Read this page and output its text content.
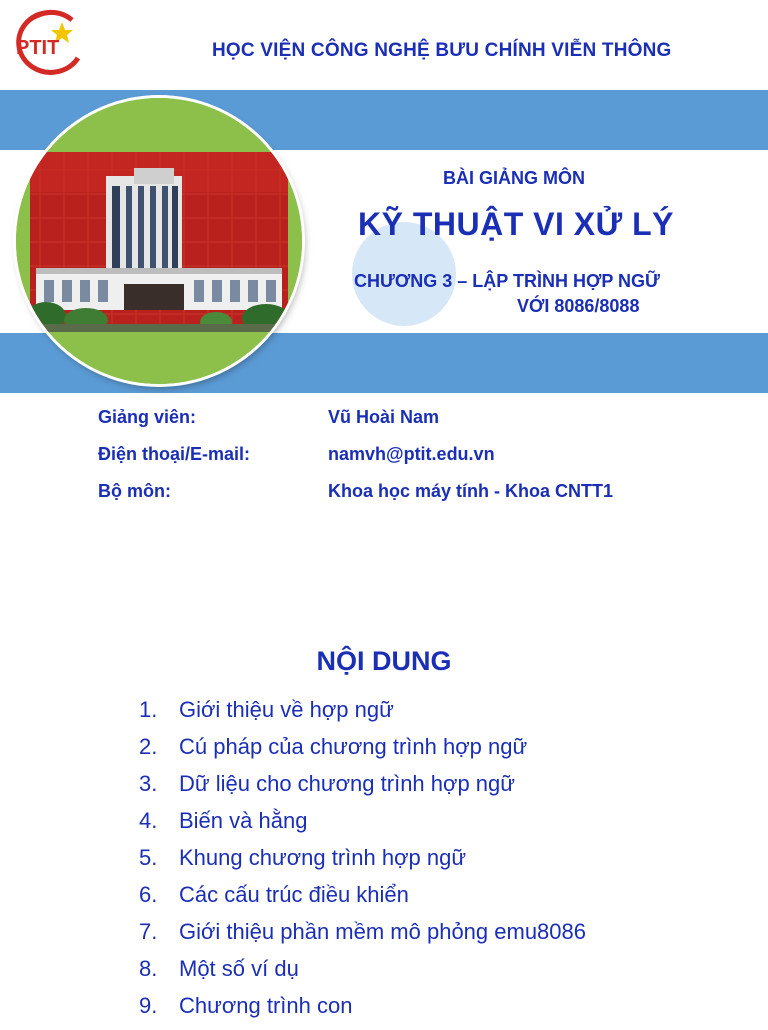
PTIT	HỌC VIỆN CÔNG NGHỆ BƯU CHÍNH VIỄN THÔNG
BÀI GIẢNG MÔN
KỸ THUẬT VI XỬ LÝ
CHƯƠNG 3 – LẬP TRÌNH HỢP NGỮ
VỚI 8086/8088
Giảng viên:	Vũ Hoài Nam
Điện thoại/E-mail:	namvh@ptit.edu.vn
Bộ môn:	Khoa học máy tính - Khoa CNTT1
NỘI DUNG
1. Giới thiệu về hợp ngữ
2. Cú pháp của chương trình hợp ngữ
3. Dữ liệu cho chương trình hợp ngữ
4. Biến và hằng
5. Khung chương trình hợp ngữ
6. Các cấu trúc điều khiển
7. Giới thiệu phần mềm mô phỏng emu8086
8. Một số ví dụ
9. Chương trình con
